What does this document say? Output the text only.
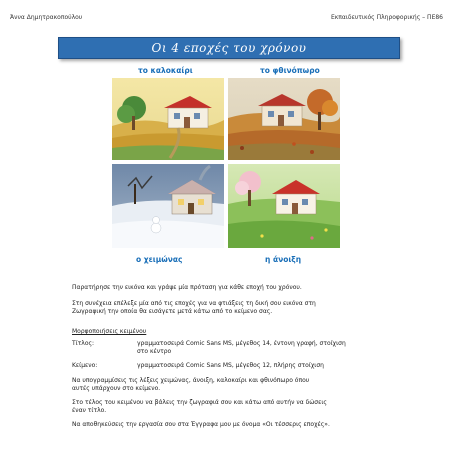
Άννα Δημητρακοπούλου	Εκπαιδευτικός Πληροφορικής – ΠΕ86
Οι 4 εποχές του χρόνου
το καλοκαίρι	το φθινόπωρο
ο χειμώνας	η άνοιξη
Παρατήρησε την εικόνα και γράψε μία πρόταση για κάθε εποχή του χρόνου.
Στη συνέχεια επέλεξε μία από τις εποχές για να φτιάξεις τη δική σου εικόνα στη
Ζωγραφική την οποία θα εισάγετε μετά κάτω από το κείμενο σας.
Μορφοποιήσεις κειμένου
Τίτλος:	γραμματοσειρά Comic Sans MS, μέγεθος 14, έντονη γραφή, στοίχιση
στο κέντρο
Κείμενο:	γραμματοσειρά Comic Sans MS, μέγεθος 12, πλήρης στοίχιση
Να υπογραμμίσεις τις λέξεις χειμώνας, άνοιξη, καλοκαίρι και φθινόπωρο όπου
αυτές υπάρχουν στο κείμενο.
Στο τέλος του κειμένου να βάλεις την ζωγραφιά σου και κάτω από αυτήν να δώσεις
έναν τίτλο.
Να αποθηκεύσεις την εργασία σου στα Έγγραφα μου με όνομα «Οι τέσσερις εποχές».
